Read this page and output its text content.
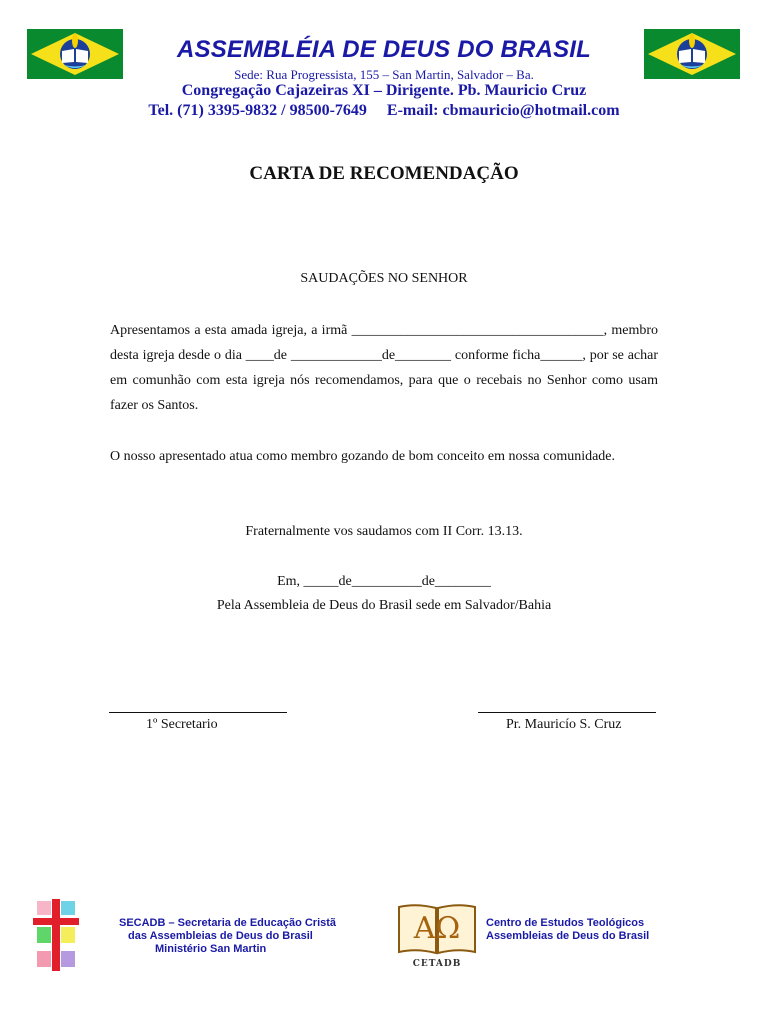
ASSEMBLÉIA DE DEUS DO BRASIL
Sede: Rua Progressista, 155 – San Martin, Salvador – Ba.
Congregação Cajazeiras XI – Dirigente. Pb. Mauricio Cruz
Tel. (71) 3395-9832 / 98500-7649     E-mail: cbmauricio@hotmail.com
CARTA DE RECOMENDAÇÃO
SAUDAÇÕES NO SENHOR
Apresentamos a esta amada igreja, a irmã ____________________________________, membro desta igreja desde o dia ____de _____________de________ conforme ficha______, por se achar em comunhão com esta igreja nós recomendamos, para que o recebais no Senhor como usam fazer os Santos.
O nosso apresentado atua como membro gozando de bom conceito em nossa comunidade.
Fraternalmente vos saudamos com II Corr. 13.13.
Em, _____de__________de________
Pela Assembleia de Deus do Brasil sede em Salvador/Bahia
1º Secretario	Pr. Mauricío S. Cruz
SECADB – Secretaria de Educação Cristã
das Assembleias de Deus do Brasil
Ministério San Martin
AΩ
CETADB
Centro de Estudos Teológicos
Assembleias de Deus do Brasil
